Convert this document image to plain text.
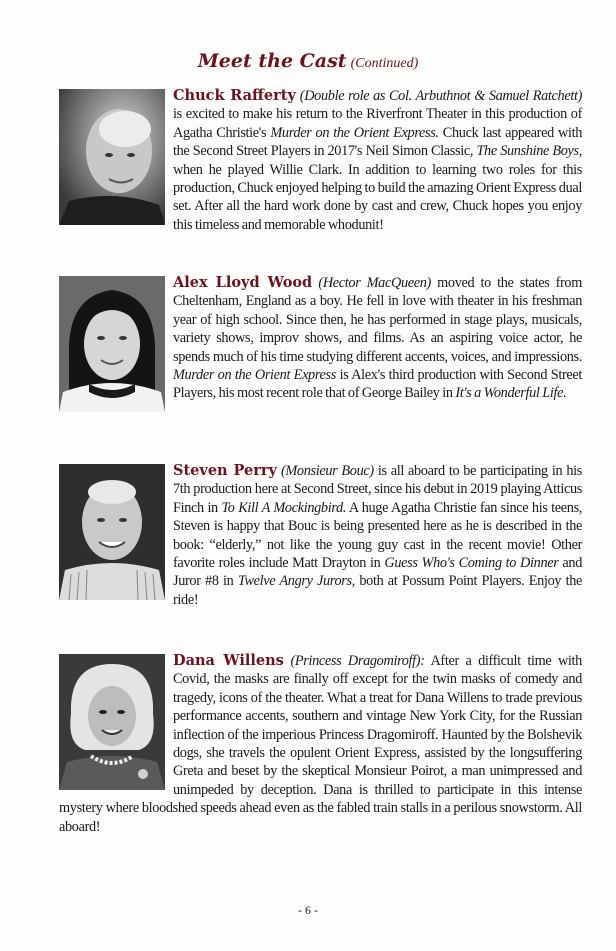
Meet the Cast (Continued)

Chuck Rafferty (Double role as Col. Arbuthnot & Samuel Ratchett) is excited to make his return to the Riverfront Theater in this production of Agatha Christie's Murder on the Orient Express. Chuck last appeared with the Second Street Players in 2017's Neil Simon Classic, The Sunshine Boys, when he played Willie Clark. In addition to learning two roles for this production, Chuck enjoyed helping to build the amazing Orient Express dual set. After all the hard work done by cast and crew, Chuck hopes you enjoy this timeless and memorable whodunit!

Alex Lloyd Wood (Hector MacQueen) moved to the states from Cheltenham, England as a boy. He fell in love with theater in his freshman year of high school. Since then, he has performed in stage plays, musicals, variety shows, improv shows, and films. As an aspiring voice actor, he spends much of his time studying different accents, voices, and impressions. Murder on the Orient Express is Alex's third production with Second Street Players, his most recent role that of George Bailey in It's a Wonderful Life.

Steven Perry (Monsieur Bouc) is all aboard to be participating in his 7th production here at Second Street, since his debut in 2019 playing Atticus Finch in To Kill A Mockingbird. A huge Agatha Christie fan since his teens, Steven is happy that Bouc is being presented here as he is described in the book: “elderly,” not like the young guy cast in the recent movie! Other favorite roles include Matt Drayton in Guess Who's Coming to Dinner and Juror #8 in Twelve Angry Jurors, both at Possum Point Players. Enjoy the ride!

Dana Willens (Princess Dragomiroff): After a difficult time with Covid, the masks are finally off except for the twin masks of comedy and tragedy, icons of the theater. What a treat for Dana Willens to trade previous performance accents, southern and vintage New York City, for the Russian inflection of the imperious Princess Dragomiroff. Haunted by the Bolshevik dogs, she travels the opulent Orient Express, assisted by the longsuffering Greta and beset by the skeptical Monsieur Poirot, a man unimpressed and unimpeded by deception. Dana is thrilled to participate in this intense mystery where bloodshed speeds ahead even as the fabled train stalls in a perilous snowstorm. All aboard!

- 6 -
